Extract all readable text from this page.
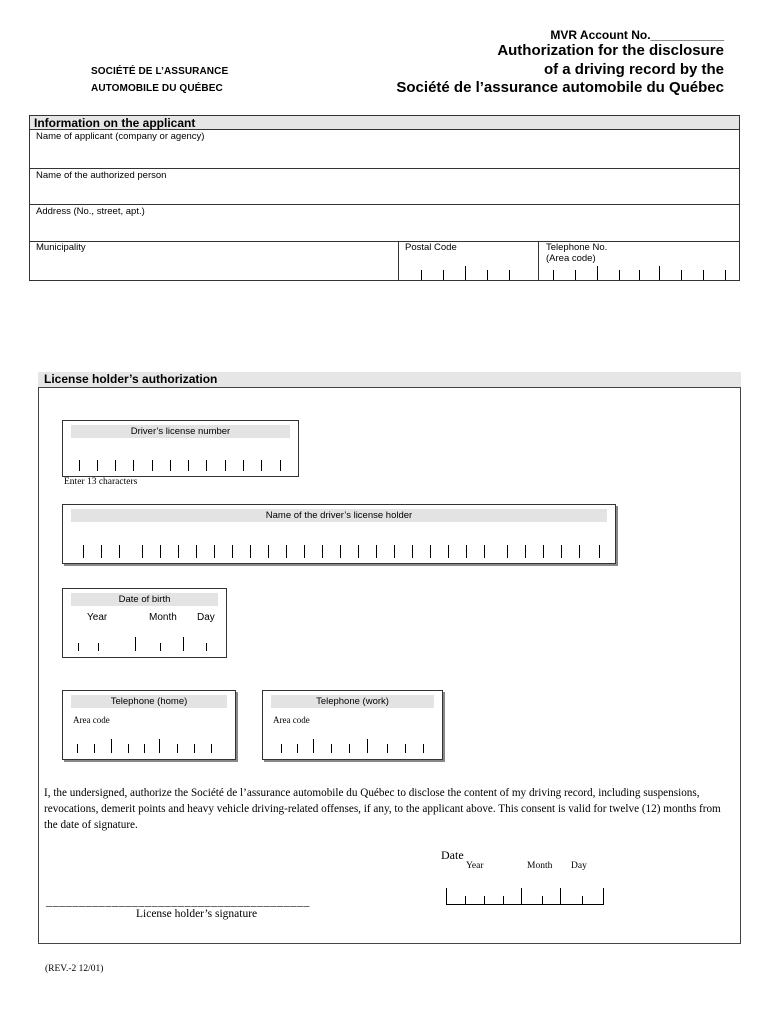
MVR Account No.___________
SOCIÉTÉ DE L’ASSURANCE
AUTOMOBILE DU QUÉBEC
Authorization for the disclosure
of a driving record by the
Société de l’assurance automobile du Québec
Information on the applicant
Name of applicant (company or agency)
Name of the authorized person
Address (No., street, apt.)
Municipality	Postal Code	Telephone No.
(Area code)
License holder’s authorization
Driver’s license number
Enter 13 characters
Name of the driver’s license holder
Date of birth
Year	Month Day
Telephone (home)
Area code
Telephone (work)
Area code
I, the undersigned, authorize the Société de l’assurance automobile du Québec to disclose the content of my driving record, including suspensions, revocations, demerit points and heavy vehicle driving-related offenses, if any, to the applicant above. This consent is valid for twelve (12) months from the date of signature.
Date
Year	Month Day
________________________________________
License holder’s signature
(REV.-2 12/01)
